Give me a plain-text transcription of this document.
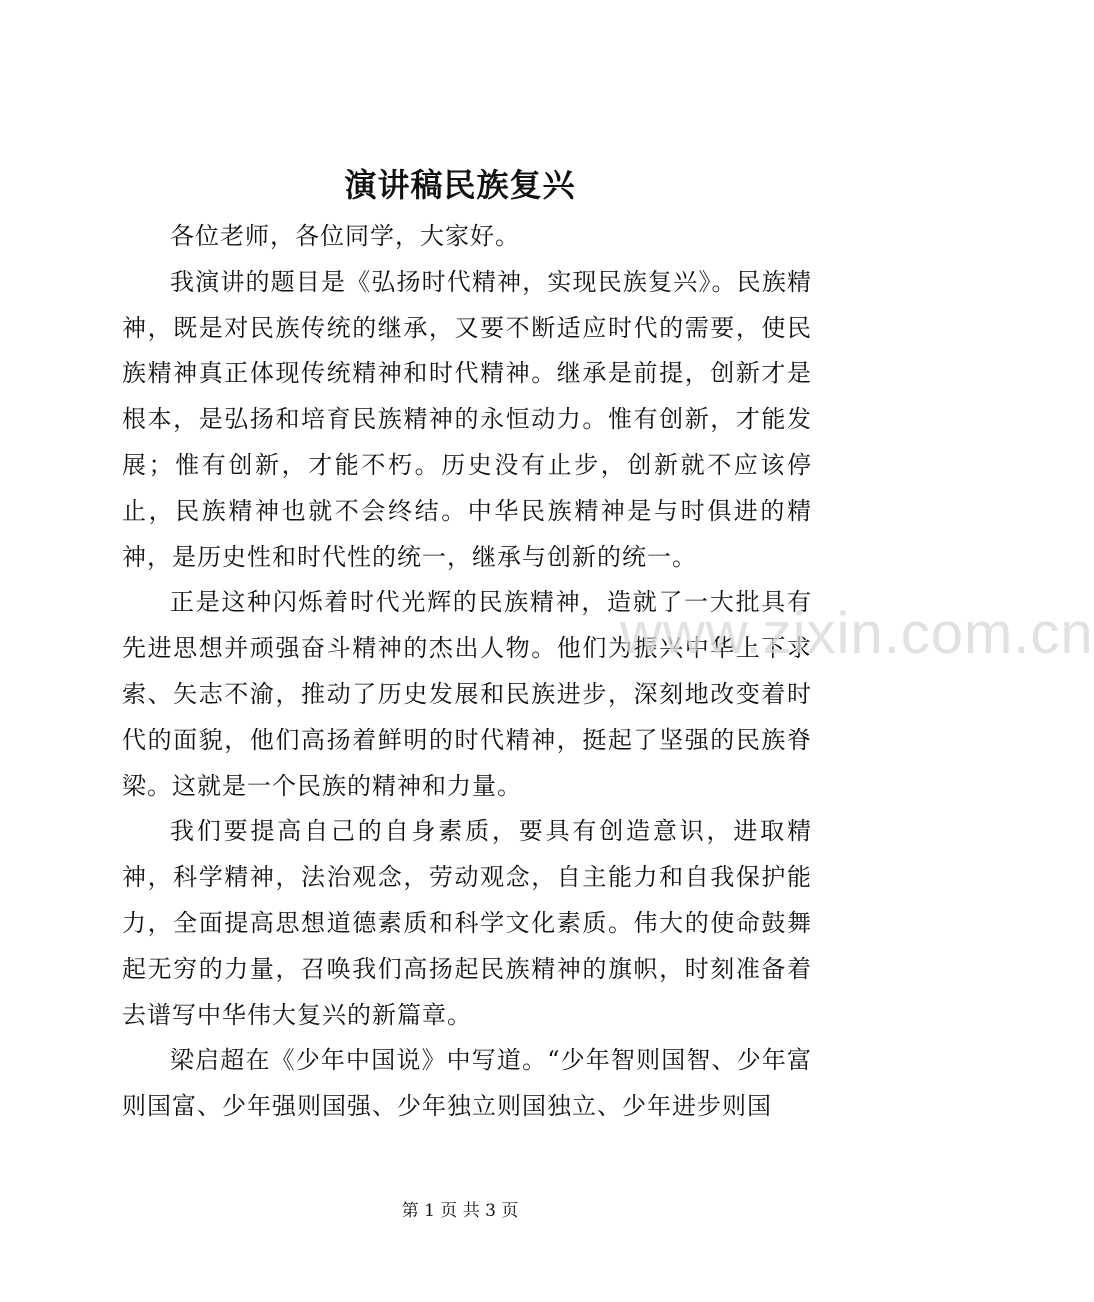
演讲稿民族复兴

各位老师，各位同学，大家好。

我演讲的题目是《弘扬时代精神，实现民族复兴》。民族精神，既是对民族传统的继承，又要不断适应时代的需要，使民族精神真正体现传统精神和时代精神。继承是前提，创新才是根本，是弘扬和培育民族精神的永恒动力。惟有创新，才能发展；惟有创新，才能不朽。历史没有止步，创新就不应该停止，民族精神也就不会终结。中华民族精神是与时俱进的精神，是历史性和时代性的统一，继承与创新的统一。

正是这种闪烁着时代光辉的民族精神，造就了一大批具有先进思想并顽强奋斗精神的杰出人物。他们为振兴中华上下求索、矢志不渝，推动了历史发展和民族进步，深刻地改变着时代的面貌，他们高扬着鲜明的时代精神，挺起了坚强的民族脊梁。这就是一个民族的精神和力量。

我们要提高自己的自身素质，要具有创造意识，进取精神，科学精神，法治观念，劳动观念，自主能力和自我保护能力，全面提高思想道德素质和科学文化素质。伟大的使命鼓舞起无穷的力量，召唤我们高扬起民族精神的旗帜，时刻准备着去谱写中华伟大复兴的新篇章。

梁启超在《少年中国说》中写道。“少年智则国智、少年富则国富、少年强则国强、少年独立则国独立、少年进步则国

www.zixin.com.cn
第 1 页 共 3 页
